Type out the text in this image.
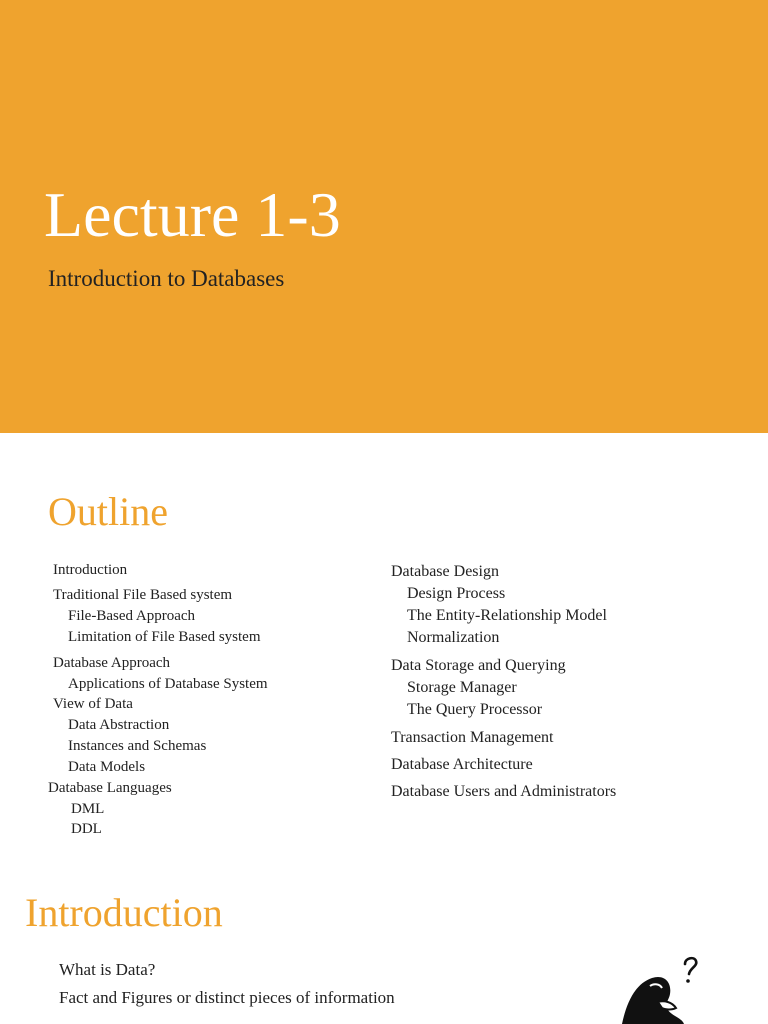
Lecture 1-3
Introduction to Databases
Outline
Introduction
Traditional File Based system
File-Based Approach
Limitation of File Based system
Database Approach
Applications of Database System
View of Data
Data Abstraction
Instances and Schemas
Data Models
Database Languages
DML
DDL
Database Design
Design Process
The Entity-Relationship Model
Normalization
Data Storage and Querying
Storage Manager
The Query Processor
Transaction Management
Database Architecture
Database Users and Administrators
Introduction
What is Data?
Fact and Figures or distinct pieces of information
